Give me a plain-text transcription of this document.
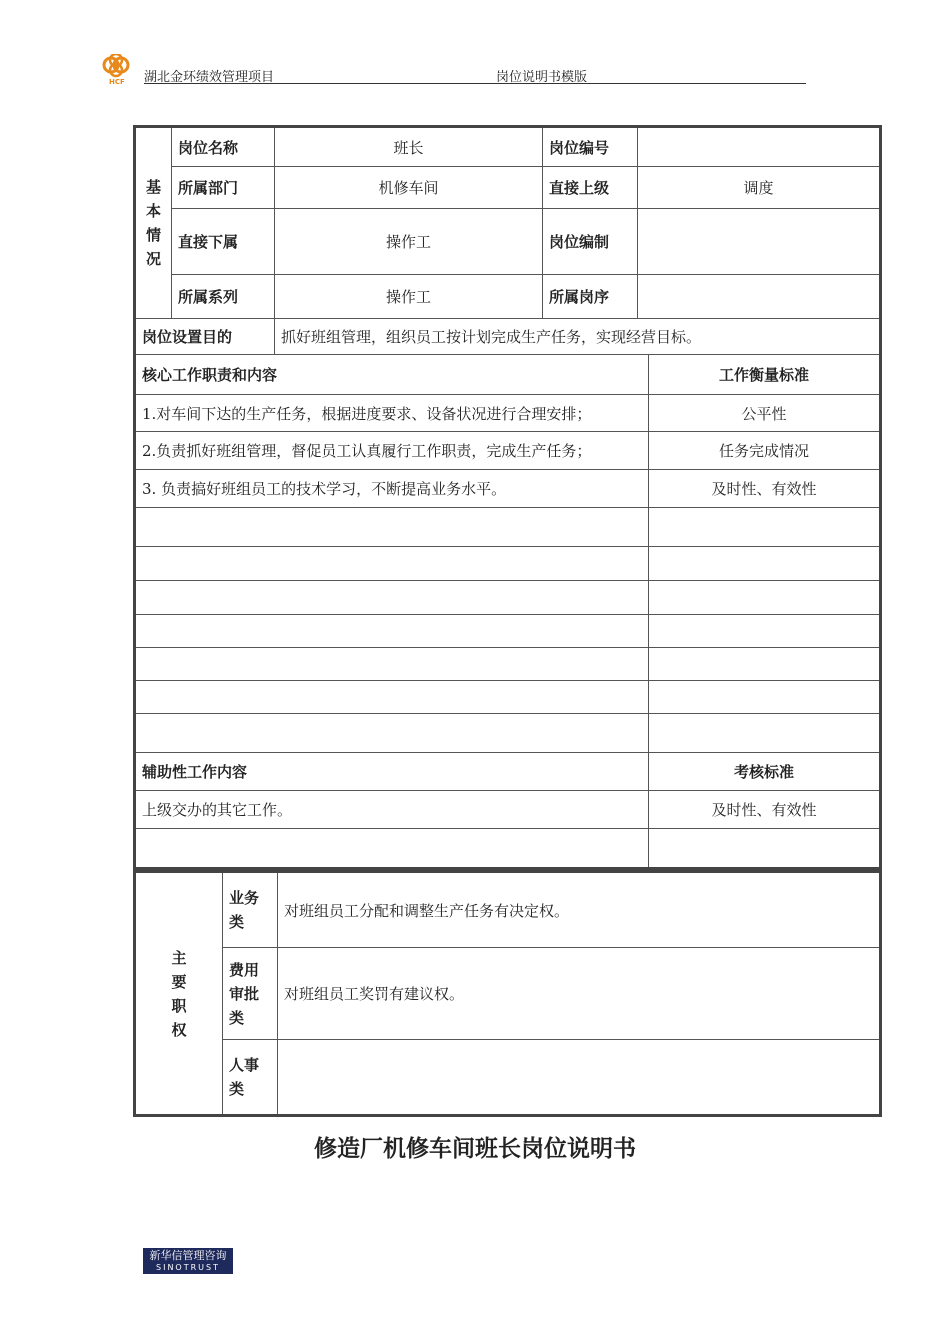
HCF 湖北金环绩效管理项目	岗位说明书模版
基本情况	岗位名称	班长	岗位编号		
	所属部门	机修车间	直接上级	调度	
	直接下属	操作工	岗位编制		
	所属系列	操作工	所属岗序		
岗位设置目的		抓好班组管理，组织员工按计划完成生产任务，实现经营目标。			
核心工作职责和内容					工作衡量标准
1.对车间下达的生产任务，根据进度要求、设备状况进行合理安排；					公平性
2.负责抓好班组管理，督促员工认真履行工作职责，完成生产任务；					任务完成情况
3. 负责搞好班组员工的技术学习，不断提高业务水平。					及时性、有效性

辅助性工作内容					考核标准
上级交办的其它工作。					及时性、有效性

主要职权	业务类	对班组员工分配和调整生产任务有决定权。
	费用审批类	对班组员工奖罚有建议权。
	人事类	
修造厂机修车间班长岗位说明书
新华信管理咨询
SINOTRUST
